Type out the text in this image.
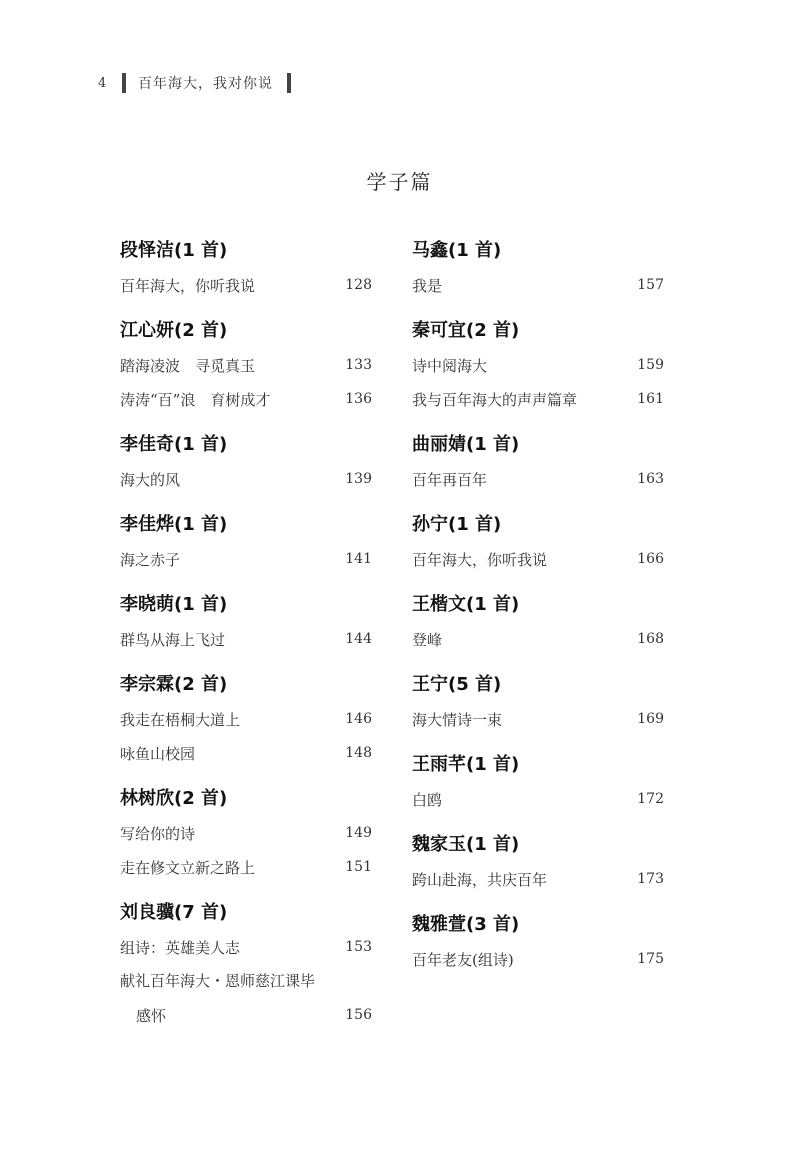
4	百年海大，我对你说
学子篇
段怿洁(1 首)
百年海大，你听我说	128
江心妍(2 首)
踏海凌波　寻觅真玉	133
涛涛“百”浪　育树成才	136
李佳奇(1 首)
海大的风	139
李佳烨(1 首)
海之赤子	141
李晓萌(1 首)
群鸟从海上飞过	144
李宗霖(2 首)
我走在梧桐大道上	146
咏鱼山校园	148
林树欣(2 首)
写给你的诗	149
走在修文立新之路上	151
刘良骥(7 首)
组诗：英雄美人志	153
献礼百年海大・恩师慈江课毕
感怀	156
马鑫(1 首)
我是	157
秦可宜(2 首)
诗中阅海大	159
我与百年海大的声声篇章	161
曲丽婧(1 首)
百年再百年	163
孙宁(1 首)
百年海大，你听我说	166
王楷文(1 首)
登峰	168
王宁(5 首)
海大情诗一束	169
王雨芊(1 首)
白鸥	172
魏家玉(1 首)
跨山赴海，共庆百年	173
魏雅萱(3 首)
百年老友(组诗)	175
